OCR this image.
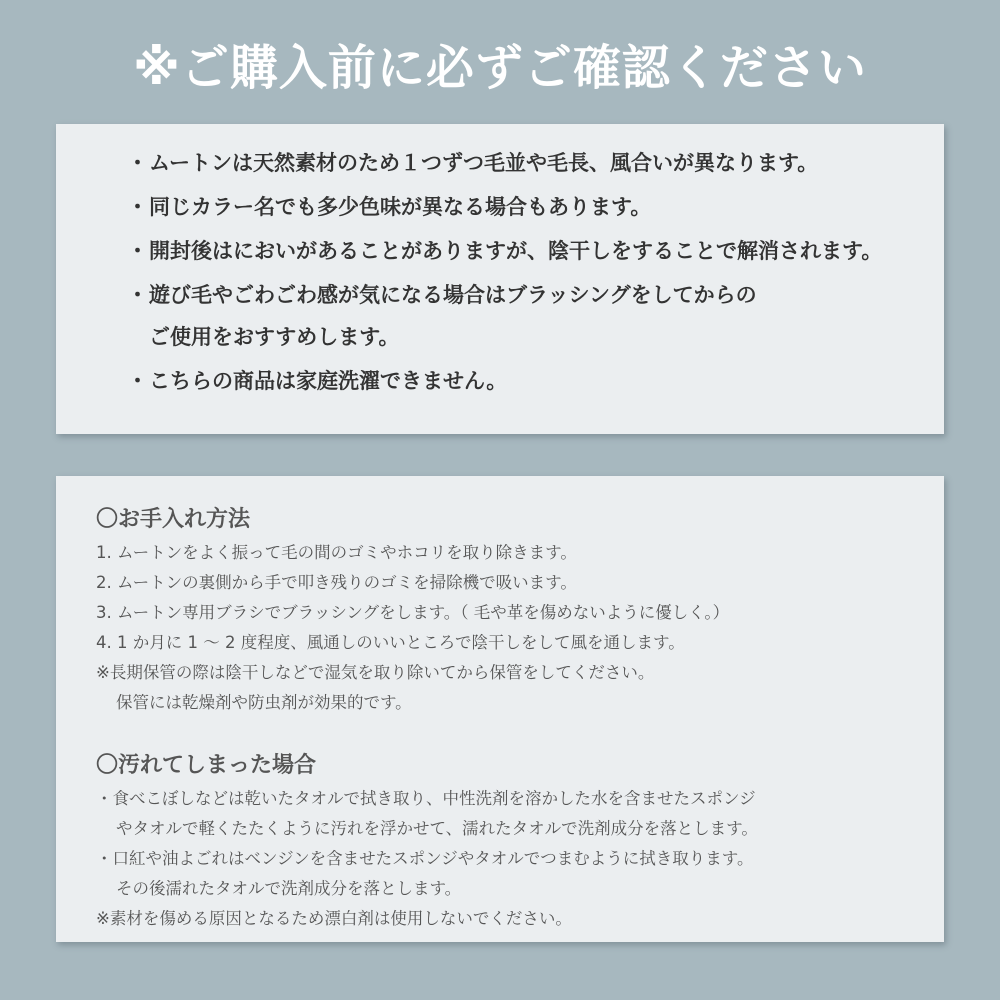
※ご購入前に必ずご確認ください
・ ムートンは天然素材のため１つずつ毛並や毛長、風合いが異なります。
・ 同じカラー名でも多少色味が異なる場合もあります。
・ 開封後はにおいがあることがありますが、陰干しをすることで解消されます。
・ 遊び毛やごわごわ感が気になる場合はブラッシングをしてからの
ご使用をおすすめします。
・ こちらの商品は家庭洗濯できません。
〇お手入れ方法
1. ムートンをよく振って毛の間のゴミやホコリを取り除きます。
2. ムートンの裏側から手で叩き残りのゴミを掃除機で吸います。
3. ムートン専用ブラシでブラッシングをします。（ 毛や革を傷めないように優しく。）
4. 1 か月に 1 ～ 2 度程度、風通しのいいところで陰干しをして風を通します。
※長期保管の際は陰干しなどで湿気を取り除いてから保管をしてください。
保管には乾燥剤や防虫剤が効果的です。
〇汚れてしまった場合
・食べこぼしなどは乾いたタオルで拭き取り、中性洗剤を溶かした水を含ませたスポンジ
やタオルで軽くたたくように汚れを浮かせて、濡れたタオルで洗剤成分を落とします。
・口紅や油よごれはベンジンを含ませたスポンジやタオルでつまむように拭き取ります。
その後濡れたタオルで洗剤成分を落とします。
※素材を傷める原因となるため漂白剤は使用しないでください。
